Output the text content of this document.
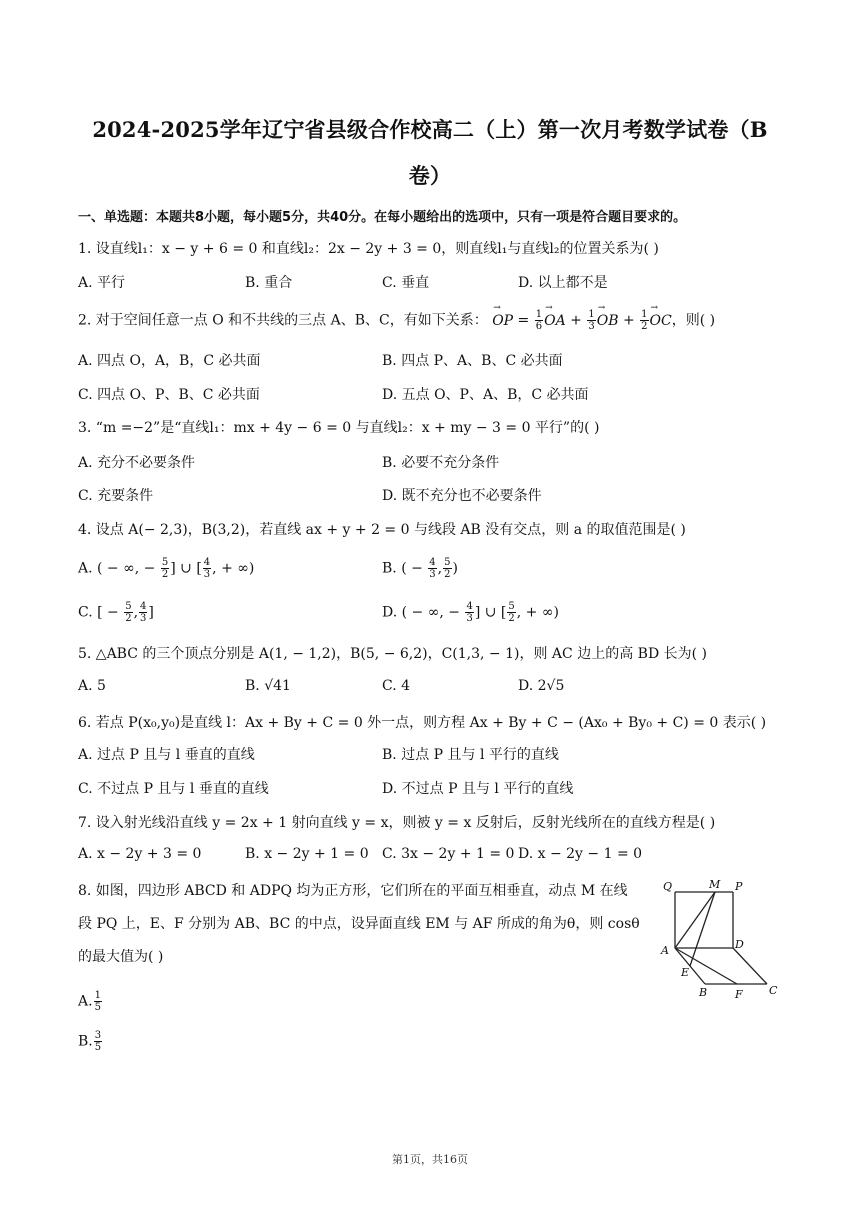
2024-2025学年辽宁省县级合作校高二（上）第一次月考数学试卷（B
卷）
一、单选题：本题共8小题，每小题5分，共40分。在每小题给出的选项中，只有一项是符合题目要求的。
1. 设直线l₁：x − y + 6 = 0 和直线l₂：2x − 2y + 3 = 0，则直线l₁与直线l₂的位置关系为( )
A. 平行	B. 重合	C. 垂直	D. 以上都不是
2. 对于空间任意一点 O 和不共线的三点 A、B、C，有如下关系： → OP = $\frac{1}{6}$ → OA + $\frac{1}{3}$ → OB + $\frac{1}{2}$ → OC，则( )
A. 四点 O，A，B，C 必共面	B. 四点 P、A、B、C 必共面
C. 四点 O、P、B、C 必共面	D. 五点 O、P、A、B，C 必共面
3. “m =−2”是“直线l₁：mx + 4y − 6 = 0 与直线l₂：x + my − 3 = 0 平行”的( )
A. 充分不必要条件	B. 必要不充分条件
C. 充要条件	D. 既不充分也不必要条件
4. 设点 A(− 2,3)，B(3,2)，若直线 ax + y + 2 = 0 与线段 AB 没有交点，则 a 的取值范围是( )
A. ( − ∞, − $\frac{5}{2}$ ] ∪ [ $\frac{4}{3}$ , + ∞)	B. ( − $\frac{4}{3}$ , $\frac{5}{2}$ )
C. [ − $\frac{5}{2}$ , $\frac{4}{3}$ ]	D. ( − ∞, − $\frac{4}{3}$ ] ∪ [ $\frac{5}{2}$ , + ∞)
5. △ABC 的三个顶点分别是 A(1, − 1,2)，B(5, − 6,2)，C(1,3, − 1)，则 AC 边上的高 BD 长为( )
A. 5	B. √41	C. 4	D. 2√5
6. 若点 P(x₀,y₀)是直线 l：Ax + By + C = 0 外一点，则方程 Ax + By + C − (Ax₀ + By₀ + C) = 0 表示( )
A. 过点 P 且与 l 垂直的直线	B. 过点 P 且与 l 平行的直线
C. 不过点 P 且与 l 垂直的直线	D. 不过点 P 且与 l 平行的直线
7. 设入射光线沿直线 y = 2x + 1 射向直线 y = x，则被 y = x 反射后，反射光线所在的直线方程是( )
A. x − 2y + 3 = 0	B. x − 2y + 1 = 0 C. 3x − 2y + 1 = 0 D. x − 2y − 1 = 0
8. 如图，四边形 ABCD 和 ADPQ 均为正方形，它们所在的平面互相垂直，动点 M 在线
段 PQ 上，E、F 分别为 AB、BC 的中点，设异面直线 EM 与 AF 所成的角为θ，则 cosθ
的最大值为( )
A. $\frac{1}{5}$
B. $\frac{3}{5}$
Q	M P
A	D
E
B	F C
第1页，共16页
